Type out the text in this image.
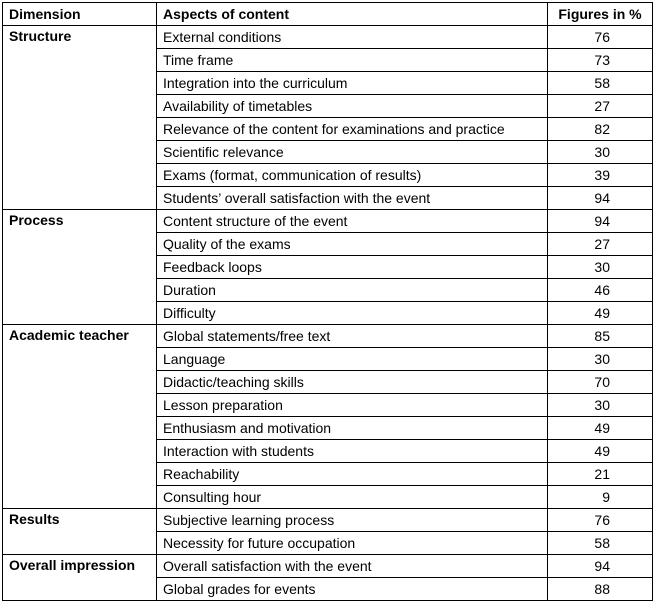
Dimension	Aspects of content	Figures in %
Structure	External conditions	76
	Time frame	73
	Integration into the curriculum	58
	Availability of timetables	27
	Relevance of the content for examinations and practice	82
	Scientific relevance	30
	Exams (format, communication of results)	39
	Students’ overall satisfaction with the event	94
Process	Content structure of the event	94
	Quality of the exams	27
	Feedback loops	30
	Duration	46
	Difficulty	49
Academic teacher	Global statements/free text	85
	Language	30
	Didactic/teaching skills	70
	Lesson preparation	30
	Enthusiasm and motivation	49
	Interaction with students	49
	Reachability	21
	Consulting hour	9
Results	Subjective learning process	76
	Necessity for future occupation	58
Overall impression	Overall satisfaction with the event	94
	Global grades for events	88
